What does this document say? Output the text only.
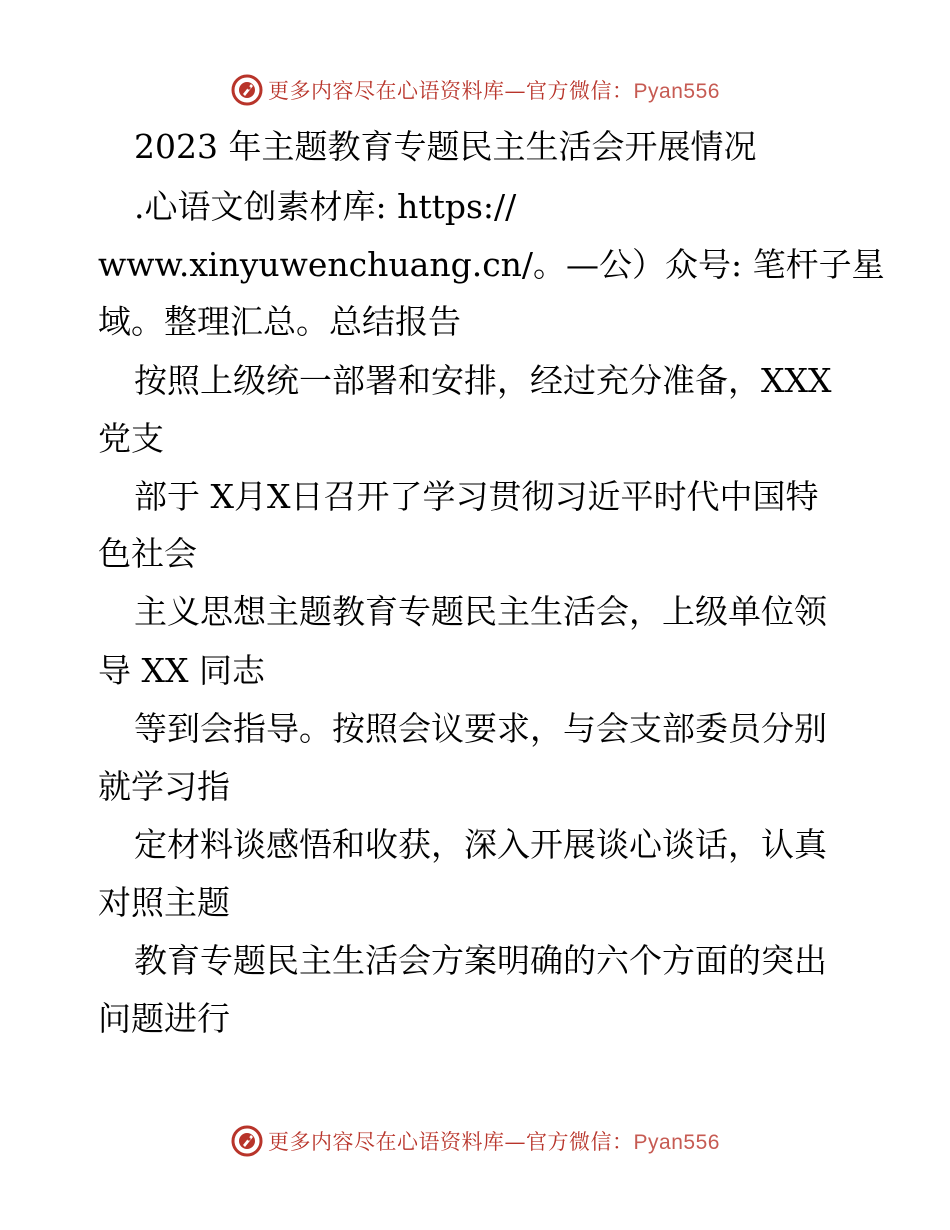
更多内容尽在心语资料库—官方微信：Pyan556
2023 年主题教育专题民主生活会开展情况
.心语文创素材库: https://
www.xinyuwenchuang.cn/。—公）众号: 笔杆子星
域。整理汇总。总结报告
按照上级统一部署和安排，经过充分准备，XXX
党支
部于 X月X日召开了学习贯彻习近平时代中国特
色社会
主义思想主题教育专题民主生活会，上级单位领
导 XX 同志
等到会指导。按照会议要求，与会支部委员分别
就学习指
定材料谈感悟和收获，深入开展谈心谈话，认真
对照主题
教育专题民主生活会方案明确的六个方面的突出
问题进行
更多内容尽在心语资料库—官方微信：Pyan556
